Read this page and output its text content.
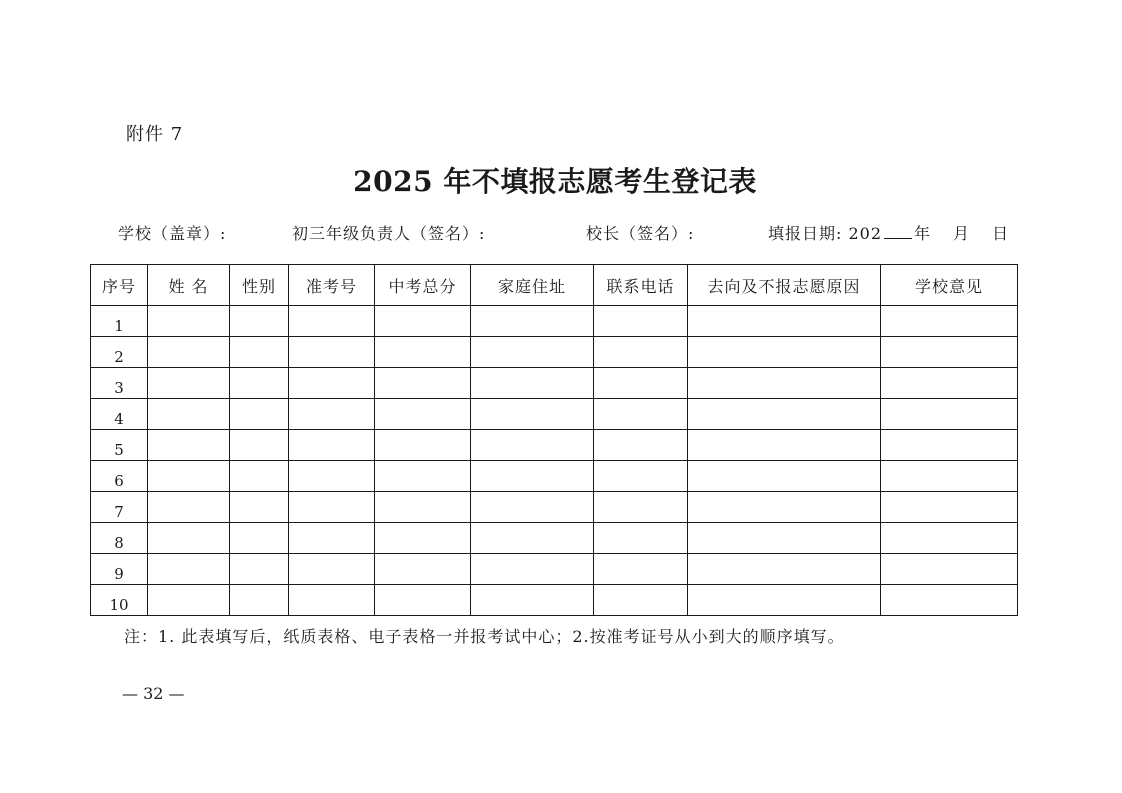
附件 7
2025 年不填报志愿考生登记表
学校（盖章）:	初三年级负责人（签名）:	校长（签名）:	填报日期: 202 年 月 日
序号	姓 名	性别	准考号	中考总分	家庭住址	联系电话	去向及不报志愿原因	学校意见
1								
2								
3								
4								
5								
6								
7								
8								
9								
10								
注：1. 此表填写后，纸质表格、电子表格一并报考试中心；2.按准考证号从小到大的顺序填写。
— 32 —
